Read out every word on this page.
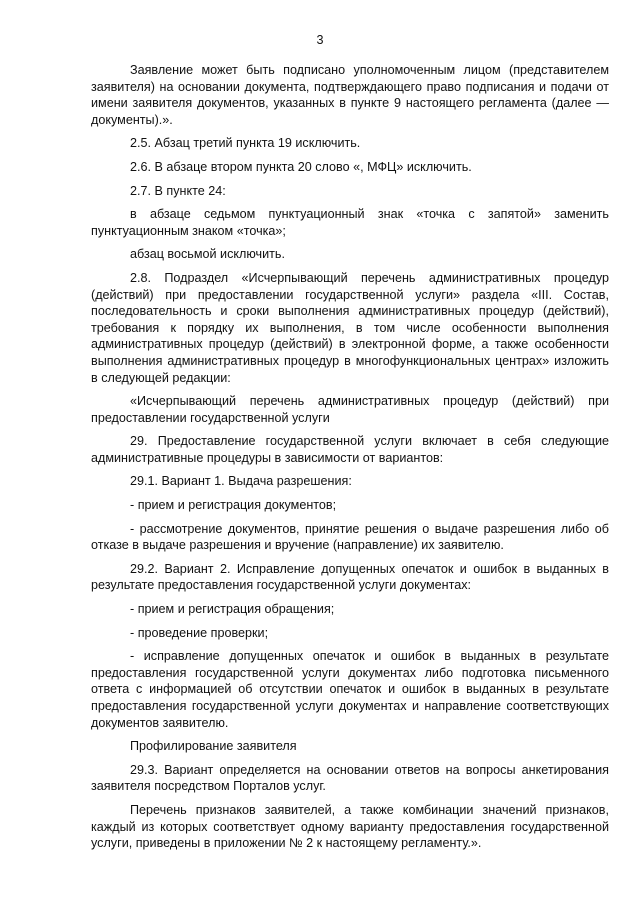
3

Заявление может быть подписано уполномоченным лицом (представителем заявителя) на основании документа, подтверждающего право подписания и подачи от имени заявителя документов, указанных в пункте 9 настоящего регламента (далее — документы).».

2.5. Абзац третий пункта 19 исключить.

2.6. В абзаце втором пункта 20 слово «, МФЦ» исключить.

2.7. В пункте 24:

в абзаце седьмом пунктуационный знак «точка с запятой» заменить пунктуационным знаком «точка»;

абзац восьмой исключить.

2.8. Подраздел «Исчерпывающий перечень административных процедур (действий) при предоставлении государственной услуги» раздела «III. Состав, последовательность и сроки выполнения административных процедур (действий), требования к порядку их выполнения, в том числе особенности выполнения административных процедур (действий) в электронной форме, а также особенности выполнения административных процедур в многофункциональных центрах» изложить в следующей редакции:

«Исчерпывающий перечень административных процедур (действий) при предоставлении государственной услуги

29. Предоставление государственной услуги включает в себя следующие административные процедуры в зависимости от вариантов:

29.1. Вариант 1. Выдача разрешения:

- прием и регистрация документов;

- рассмотрение документов, принятие решения о выдаче разрешения либо об отказе в выдаче разрешения и вручение (направление) их заявителю.

29.2. Вариант 2. Исправление допущенных опечаток и ошибок в выданных в результате предоставления государственной услуги документах:

- прием и регистрация обращения;

- проведение проверки;

- исправление допущенных опечаток и ошибок в выданных в результате предоставления государственной услуги документах либо подготовка письменного ответа с информацией об отсутствии опечаток и ошибок в выданных в результате предоставления государственной услуги документах и направление соответствующих документов заявителю.

Профилирование заявителя

29.3. Вариант определяется на основании ответов на вопросы анкетирования заявителя посредством Порталов услуг.

Перечень признаков заявителей, а также комбинации значений признаков, каждый из которых соответствует одному варианту предоставления государственной услуги, приведены в приложении № 2 к настоящему регламенту.».
